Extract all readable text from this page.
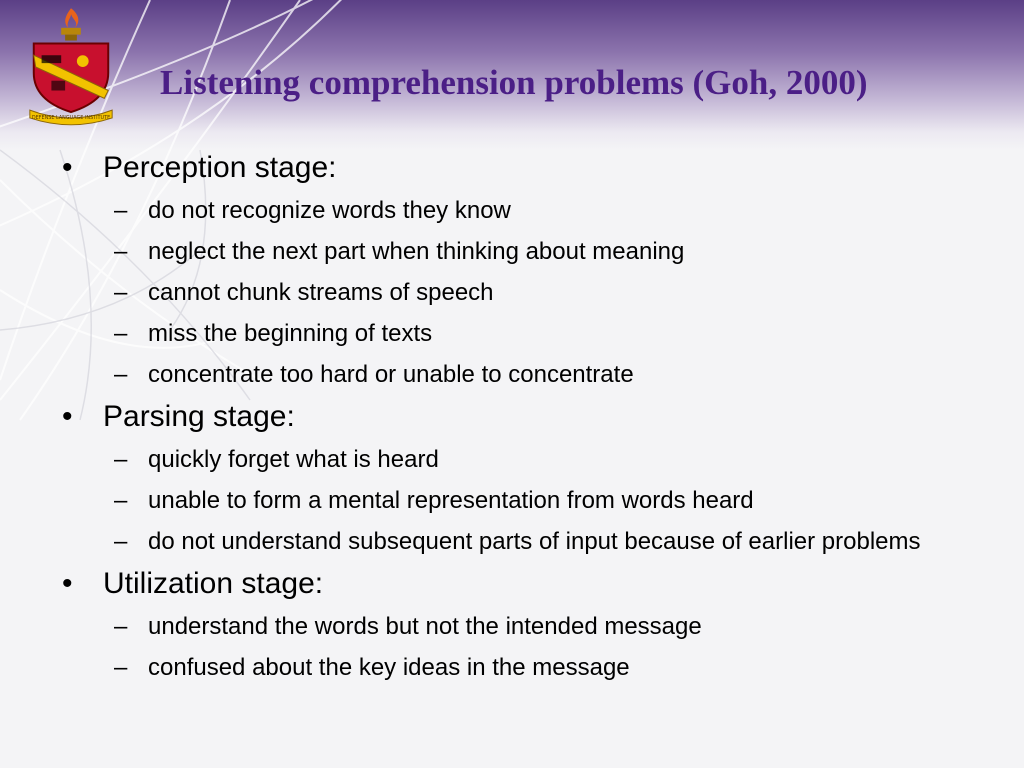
DEFENSE LANGUAGE INSTITUTE
Listening comprehension problems (Goh, 2000)
• Perception stage:
– do not recognize words they know
– neglect the next part when thinking about meaning
– cannot chunk streams of speech
– miss the beginning of texts
– concentrate too hard or unable to concentrate
• Parsing stage:
– quickly forget what is heard
– unable to form a mental representation from words heard
– do not understand subsequent parts of input because of earlier problems
• Utilization stage:
– understand the words but not the intended message
– confused about the key ideas in the message
